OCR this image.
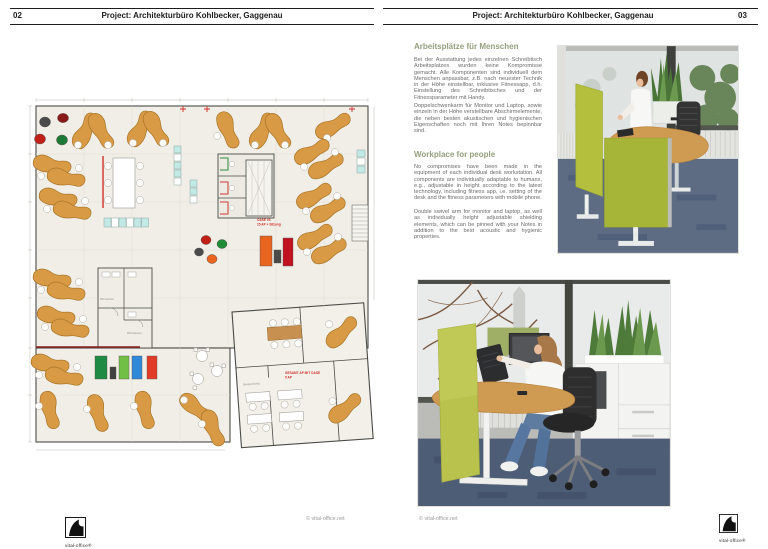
02	Project: Architekturbüro Kohlbecker, Gaggenau	Project: Architekturbüro Kohlbecker, Gaggenau	03
WC Herren
WC Damen
Besprechung
OASE 03
15 AP + Sitzung
GESAMT AP MIT OASE
5 AP
Arbeitsplätze für Menschen
Bei der Ausstattung jedes einzelnen Schreibtisch Arbeitsplatzes wurden keine Kompromisse gemacht. Alle Komponenten sind individuell dem Menschen anpassbar, z.B. nach neuester Technik in der Höhe einstellbar, inklusive Fitnessapp, d.h. Einstellung des Schreibtisches und der Fitnessparameter mit Handy.
Doppelschwenkarm für Monitor und Laptop, sowie einzeln in der Höhe verstellbare Abschirmelemente, die neben besten akustischen und hygienischen Eigenschaften noch mit Ihren Notes bepinnbar sind.
Workplace for people
No compromises have been made in the equipment of each individual desk workstation. All components are individually adaptable to humans, e.g., adjustable in height according to the latest technology, including fitness app, i.e. setting of the desk and the fitness parameters with mobile phone.
Double swivel arm for monitor and laptop, as well as individually height adjustable shielding elements, which can be pinned with your Notes in addition to the best acoustic and hygienic properties.
© vital-office.net	© vital-office.net
vital-office®
vital-office®
